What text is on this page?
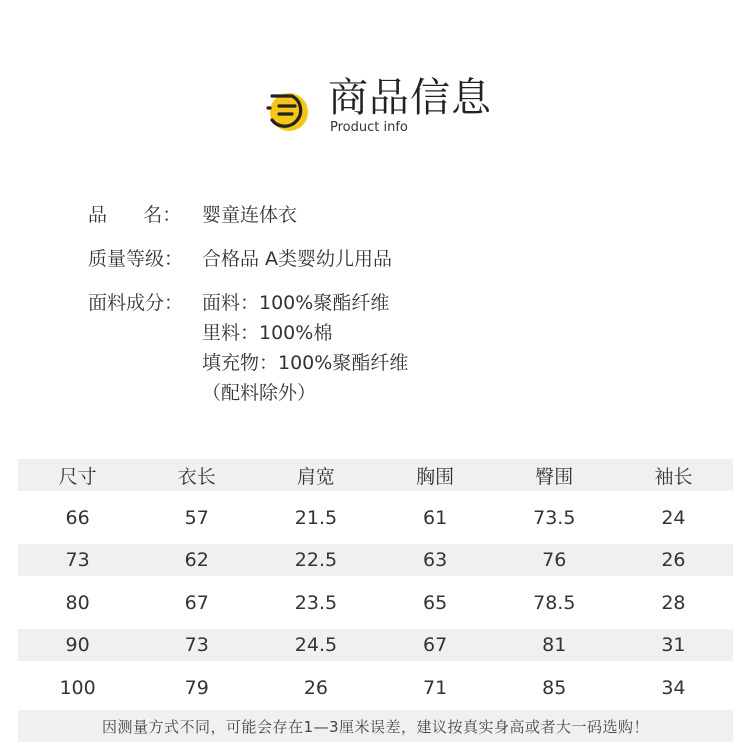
商品信息
Product info
品      名：	婴童连体衣
质量等级： 合格品 A类婴幼儿用品
面料成分： 面料：100%聚酯纤维
里料：100%棉
填充物：100%聚酯纤维
（配料除外）
尺寸	衣长	肩宽	胸围	臀围	袖长
66	57	21.5	61	73.5	24
73	62	22.5	63	76	26
80	67	23.5	65	78.5	28
90	73	24.5	67	81	31
100	79	26	71	85	34
因测量方式不同，可能会存在1—3厘米误差，建议按真实身高或者大一码选购！
